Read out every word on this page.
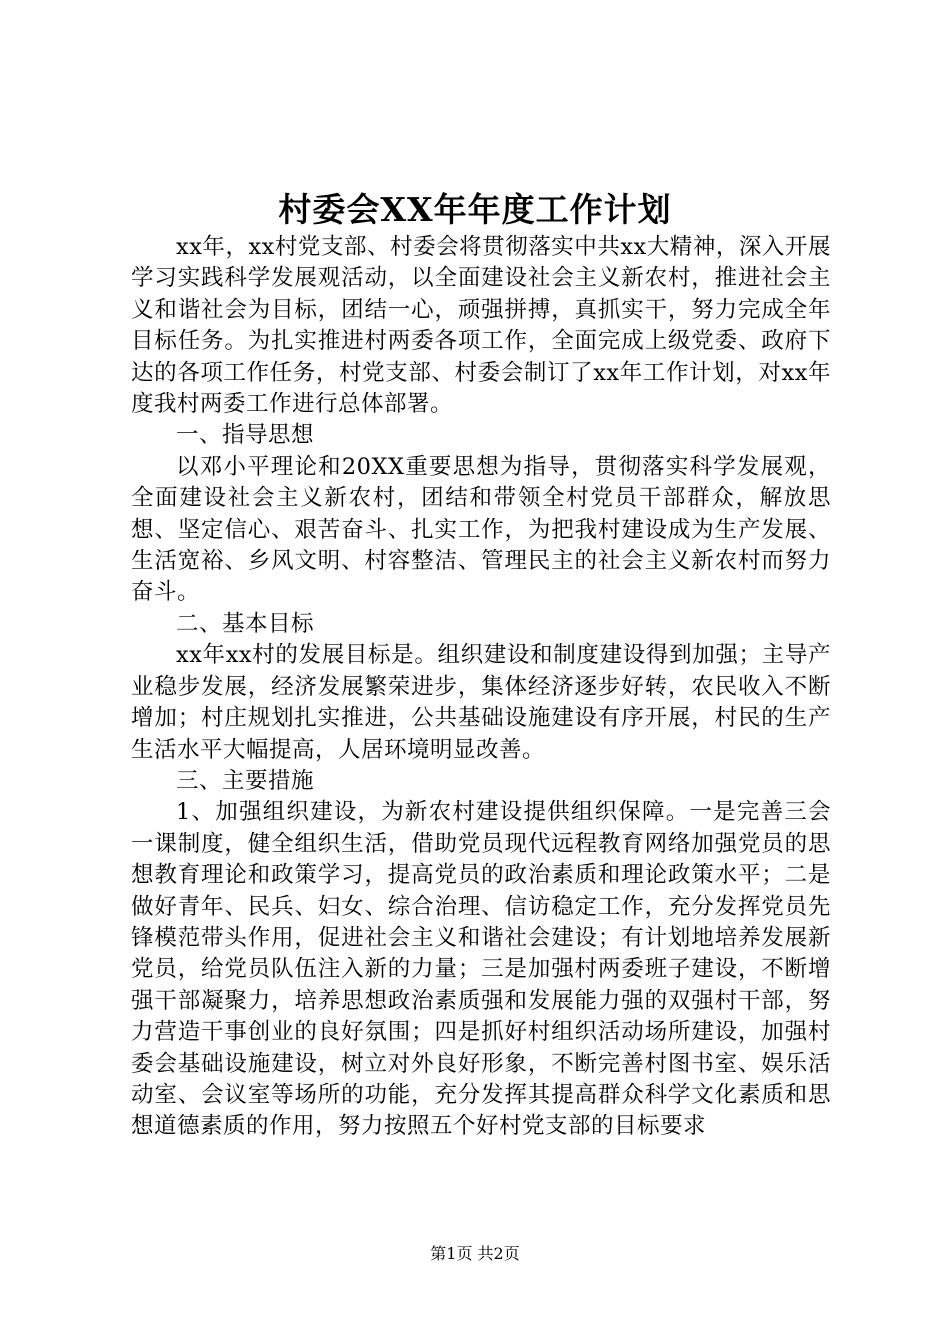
村委会XX年年度工作计划

xx年，xx村党支部、村委会将贯彻落实中共xx大精神，深入开展学习实践科学发展观活动，以全面建设社会主义新农村，推进社会主义和谐社会为目标，团结一心，顽强拼搏，真抓实干，努力完成全年目标任务。为扎实推进村两委各项工作，全面完成上级党委、政府下达的各项工作任务，村党支部、村委会制订了xx年工作计划，对xx年度我村两委工作进行总体部署。

一、指导思想

以邓小平理论和20XX重要思想为指导，贯彻落实科学发展观，全面建设社会主义新农村，团结和带领全村党员干部群众，解放思想、坚定信心、艰苦奋斗、扎实工作，为把我村建设成为生产发展、生活宽裕、乡风文明、村容整洁、管理民主的社会主义新农村而努力奋斗。

二、基本目标

xx年xx村的发展目标是。组织建设和制度建设得到加强；主导产业稳步发展，经济发展繁荣进步，集体经济逐步好转，农民收入不断增加；村庄规划扎实推进，公共基础设施建设有序开展，村民的生产生活水平大幅提高，人居环境明显改善。

三、主要措施

1、加强组织建设，为新农村建设提供组织保障。一是完善三会一课制度，健全组织生活，借助党员现代远程教育网络加强党员的思想教育理论和政策学习，提高党员的政治素质和理论政策水平；二是做好青年、民兵、妇女、综合治理、信访稳定工作，充分发挥党员先锋模范带头作用，促进社会主义和谐社会建设；有计划地培养发展新党员，给党员队伍注入新的力量；三是加强村两委班子建设，不断增强干部凝聚力，培养思想政治素质强和发展能力强的双强村干部，努力营造干事创业的良好氛围；四是抓好村组织活动场所建设，加强村委会基础设施建设，树立对外良好形象，不断完善村图书室、娱乐活动室、会议室等场所的功能，充分发挥其提高群众科学文化素质和思想道德素质的作用，努力按照五个好村党支部的目标要求

第1页 共2页
